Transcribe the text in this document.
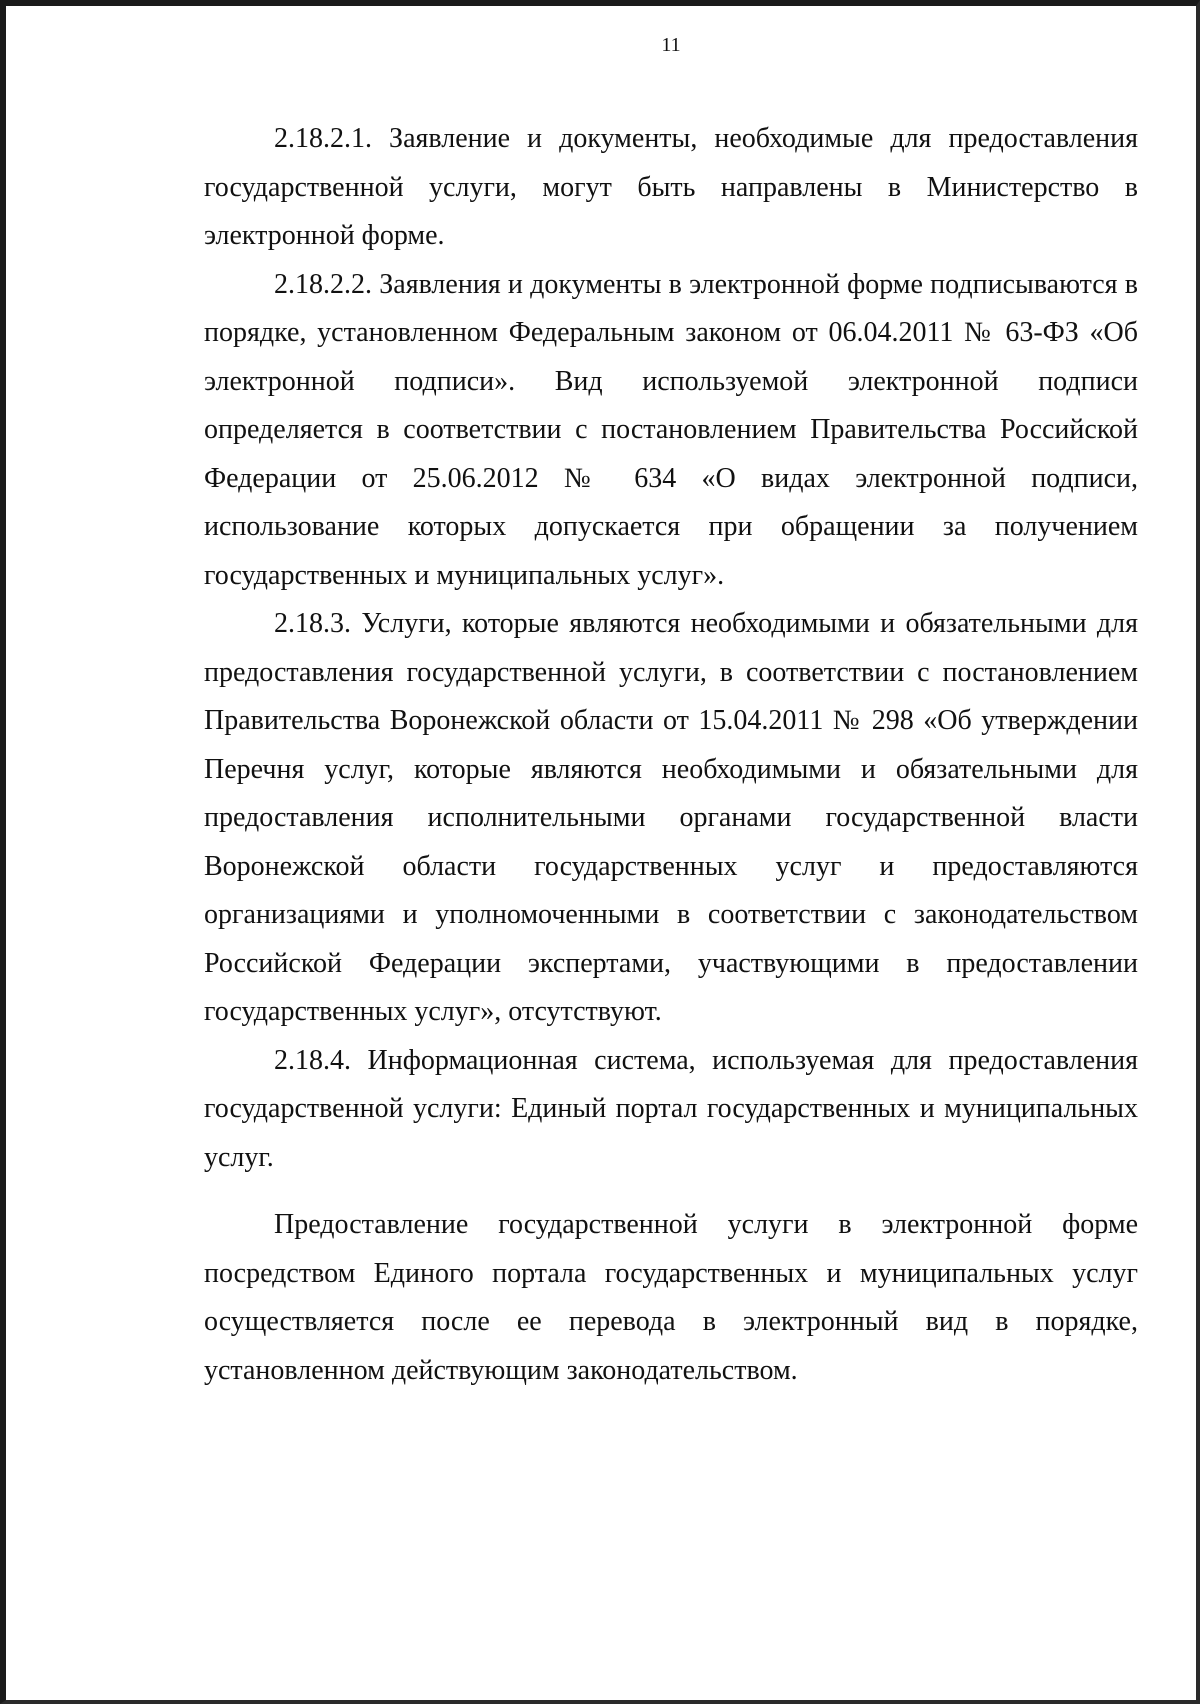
11

2.18.2.1. Заявление и документы, необходимые для предоставления государственной услуги, могут быть направлены в Министерство в электронной форме.

2.18.2.2. Заявления и документы в электронной форме подписываются в порядке, установленном Федеральным законом от 06.04.2011 № 63-ФЗ «Об электронной подписи». Вид используемой электронной подписи определяется в соответствии с постановлением Правительства Российской Федерации от 25.06.2012 № 634 «О видах электронной подписи, использование которых допускается при обращении за получением государственных и муниципальных услуг».

2.18.3. Услуги, которые являются необходимыми и обязательными для предоставления государственной услуги, в соответствии с постановлением Правительства Воронежской области от 15.04.2011 № 298 «Об утверждении Перечня услуг, которые являются необходимыми и обязательными для предоставления исполнительными органами государственной власти Воронежской области государственных услуг и предоставляются организациями и уполномоченными в соответствии с законодательством Российской Федерации экспертами, участвующими в предоставлении государственных услуг», отсутствуют.

2.18.4. Информационная система, используемая для предоставления государственной услуги: Единый портал государственных и муниципальных услуг.

Предоставление государственной услуги в электронной форме посредством Единого портала государственных и муниципальных услуг осуществляется после ее перевода в электронный вид в порядке, установленном действующим законодательством.
